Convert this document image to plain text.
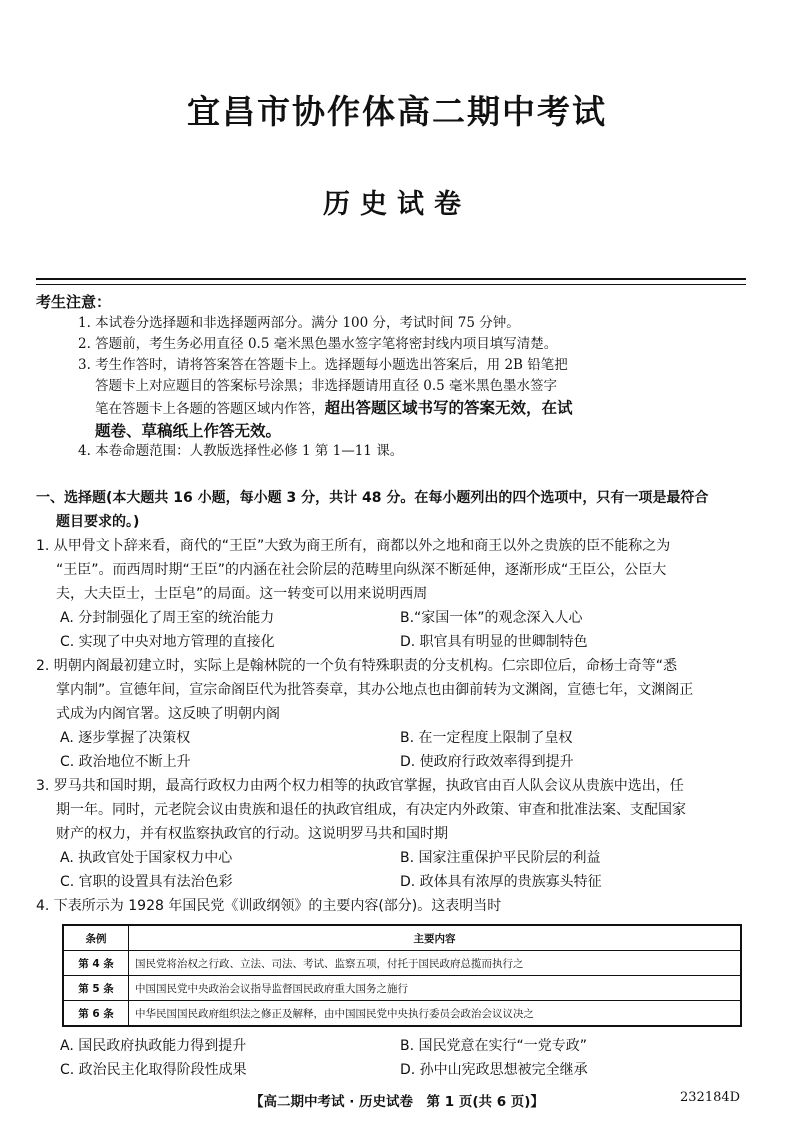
宜昌市协作体高二期中考试
历史试卷
考生注意：
1. 本试卷分选择题和非选择题两部分。满分 100 分，考试时间 75 分钟。
2. 答题前，考生务必用直径 0.5 毫米黑色墨水签字笔将密封线内项目填写清楚。
3. 考生作答时，请将答案答在答题卡上。选择题每小题选出答案后，用 2B 铅笔把
答题卡上对应题目的答案标号涂黑；非选择题请用直径 0.5 毫米黑色墨水签字
笔在答题卡上各题的答题区域内作答，超出答题区域书写的答案无效，在试
题卷、草稿纸上作答无效。
4. 本卷命题范围：人教版选择性必修 1 第 1—11 课。
一、选择题(本大题共 16 小题，每小题 3 分，共计 48 分。在每小题列出的四个选项中，只有一项是最符合
题目要求的。)
1. 从甲骨文卜辞来看，商代的“王臣”大致为商王所有，商都以外之地和商王以外之贵族的臣不能称之为
“王臣”。而西周时期“王臣”的内涵在社会阶层的范畴里向纵深不断延伸，逐渐形成“王臣公，公臣大
夫，大夫臣士，士臣皂”的局面。这一转变可以用来说明西周
A. 分封制强化了周王室的统治能力	B.“家国一体”的观念深入人心
C. 实现了中央对地方管理的直接化	D. 职官具有明显的世卿制特色
2. 明朝内阁最初建立时，实际上是翰林院的一个负有特殊职责的分支机构。仁宗即位后，命杨士奇等“悉
掌内制”。宣德年间，宣宗命阁臣代为批答奏章，其办公地点也由御前转为文渊阁，宣德七年，文渊阁正
式成为内阁官署。这反映了明朝内阁
A. 逐步掌握了决策权	B. 在一定程度上限制了皇权
C. 政治地位不断上升	D. 使政府行政效率得到提升
3. 罗马共和国时期，最高行政权力由两个权力相等的执政官掌握，执政官由百人队会议从贵族中选出，任
期一年。同时，元老院会议由贵族和退任的执政官组成，有决定内外政策、审查和批准法案、支配国家
财产的权力，并有权监察执政官的行动。这说明罗马共和国时期
A. 执政官处于国家权力中心	B. 国家注重保护平民阶层的利益
C. 官职的设置具有法治色彩	D. 政体具有浓厚的贵族寡头特征
4. 下表所示为 1928 年国民党《训政纲领》的主要内容(部分)。这表明当时
条例	主要内容
第 4 条	国民党将治权之行政、立法、司法、考试、监察五项，付托于国民政府总揽而执行之
第 5 条	中国国民党中央政治会议指导监督国民政府重大国务之施行
第 6 条	中华民国国民政府组织法之修正及解释，由中国国民党中央执行委员会政治会议议决之
A. 国民政府执政能力得到提升	B. 国民党意在实行“一党专政”
C. 政治民主化取得阶段性成果	D. 孙中山宪政思想被完全继承
【高二期中考试 · 历史试卷　第 1 页(共 6 页)】	232184D
